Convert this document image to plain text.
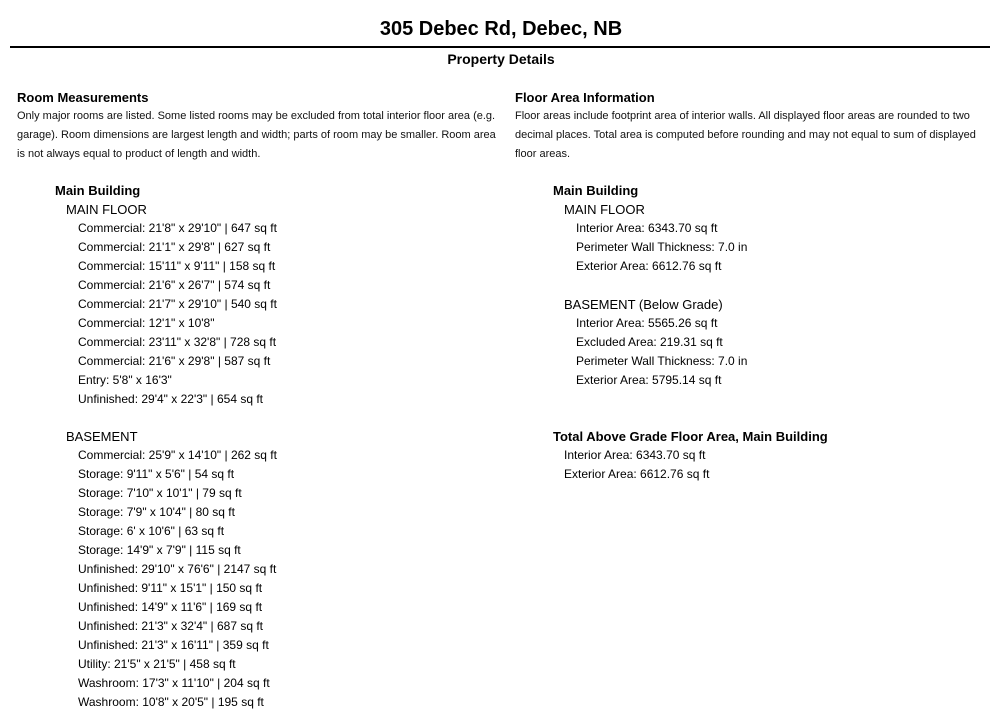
305 Debec Rd, Debec, NB
Property Details

Room Measurements

Only major rooms are listed. Some listed rooms may be excluded from total interior floor area (e.g. garage). Room dimensions are largest length and width; parts of room may be smaller. Room area is not always equal to product of length and width.

Main Building
MAIN FLOOR
Commercial: 21'8" x 29'10" | 647 sq ft
Commercial: 21'1" x 29'8" | 627 sq ft
Commercial: 15'11" x 9'11" | 158 sq ft
Commercial: 21'6" x 26'7" | 574 sq ft
Commercial: 21'7" x 29'10" | 540 sq ft
Commercial: 12'1" x 10'8"
Commercial: 23'11" x 32'8" | 728 sq ft
Commercial: 21'6" x 29'8" | 587 sq ft
Entry: 5'8" x 16'3"
Unfinished: 29'4" x 22'3" | 654 sq ft
BASEMENT
Commercial: 25'9" x 14'10" | 262 sq ft
Storage: 9'11" x 5'6" | 54 sq ft
Storage: 7'10" x 10'1" | 79 sq ft
Storage: 7'9" x 10'4" | 80 sq ft
Storage: 6' x 10'6" | 63 sq ft
Storage: 14'9" x 7'9" | 115 sq ft
Unfinished: 29'10" x 76'6" | 2147 sq ft
Unfinished: 9'11" x 15'1" | 150 sq ft
Unfinished: 14'9" x 11'6" | 169 sq ft
Unfinished: 21'3" x 32'4" | 687 sq ft
Unfinished: 21'3" x 16'11" | 359 sq ft
Utility: 21'5" x 21'5" | 458 sq ft
Washroom: 17'3" x 11'10" | 204 sq ft
Washroom: 10'8" x 20'5" | 195 sq ft

Floor Area Information

Floor areas include footprint area of interior walls. All displayed floor areas are rounded to two decimal places. Total area is computed before rounding and may not equal to sum of displayed floor areas.

Main Building
MAIN FLOOR
Interior Area: 6343.70 sq ft
Perimeter Wall Thickness: 7.0 in
Exterior Area: 6612.76 sq ft
BASEMENT (Below Grade)
Interior Area: 5565.26 sq ft
Excluded Area: 219.31 sq ft
Perimeter Wall Thickness: 7.0 in
Exterior Area: 5795.14 sq ft
Total Above Grade Floor Area, Main Building
Interior Area: 6343.70 sq ft
Exterior Area: 6612.76 sq ft
